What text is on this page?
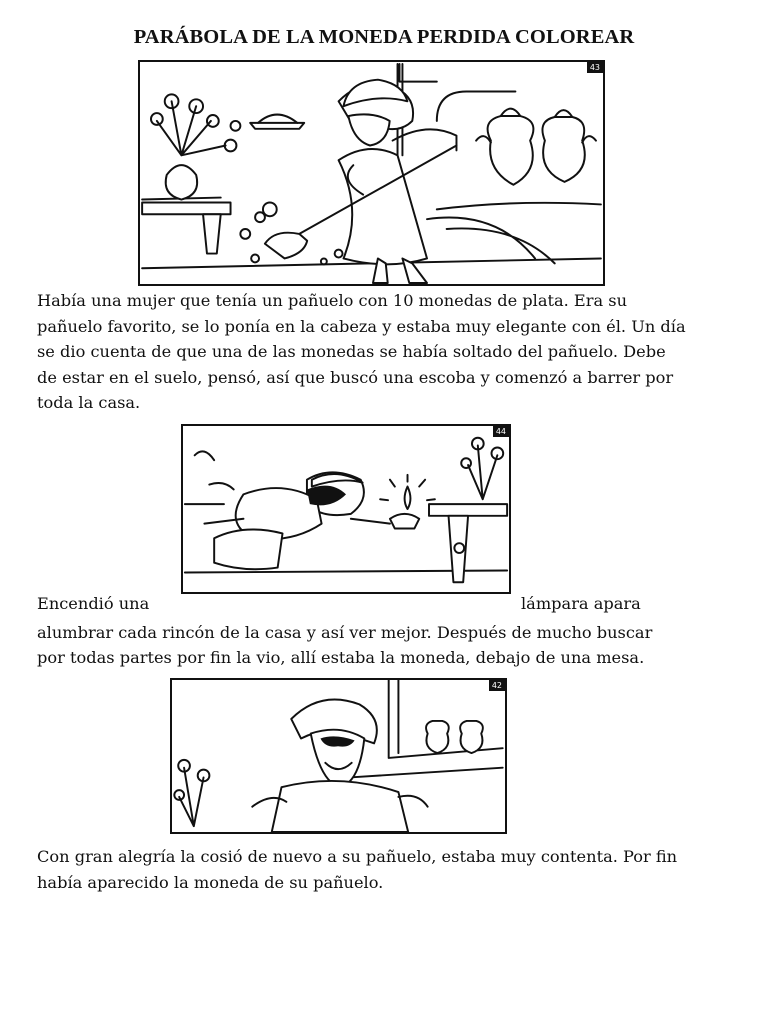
PARÁBOLA DE LA MONEDA PERDIDA COLOREAR
43

Había una mujer que tenía un pañuelo con 10 monedas de plata. Era su

pañuelo favorito, se lo ponía en la cabeza y estaba muy elegante con él. Un día

se dio cuenta de que una de las monedas se había soltado del pañuelo. Debe

de estar en el suelo, pensó, así que buscó una escoba y comenzó a barrer por

toda la casa.

44
Encendió una	lámpara apara

alumbrar cada rincón de la casa y así ver mejor. Después de mucho buscar

por todas partes por fin la vio, allí estaba la moneda, debajo de una mesa.

42

Con gran alegría la cosió de nuevo a su pañuelo, estaba muy contenta. Por fin

había aparecido la moneda de su pañuelo.
